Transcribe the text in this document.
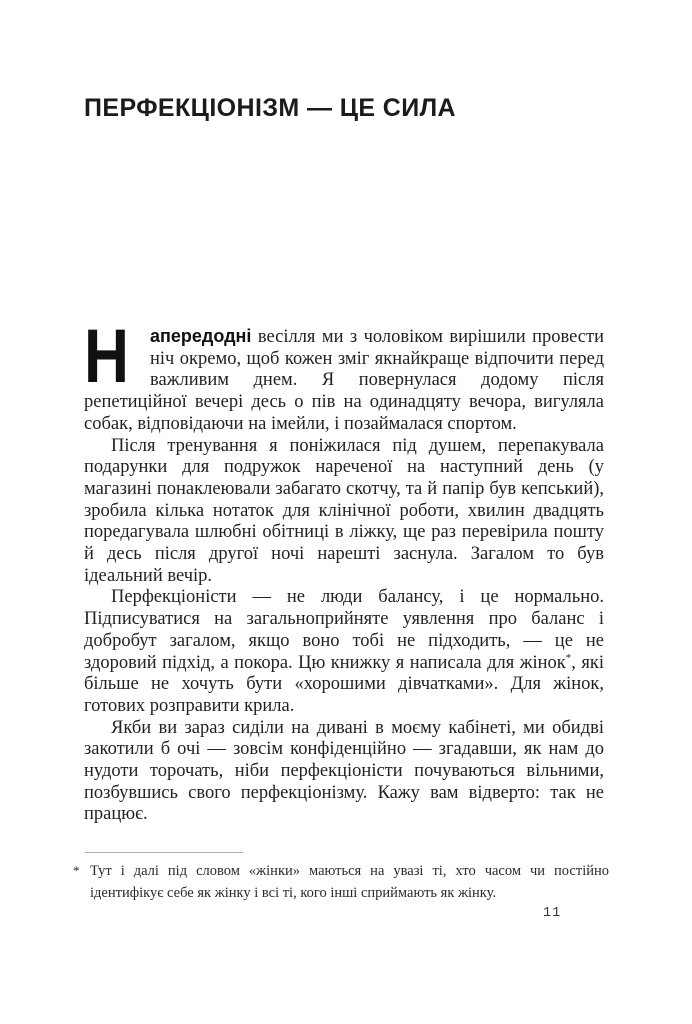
ПЕРФЕКЦІОНІЗМ — ЦЕ СИЛА

Н апередодні весілля ми з чоловіком вирішили провести ніч окремо, щоб кожен зміг якнайкраще відпочити перед важливим днем. Я повернулася додому після репетиційної вечері десь о пів на одинадцяту вечора, вигуляла собак, відповідаючи на імейли, і позаймалася спортом.

Після тренування я поніжилася під душем, перепакувала подарунки для подружок нареченої на наступний день (у магазині понаклеювали забагато скотчу, та й папір був кепський), зробила кілька нотаток для клінічної роботи, хвилин двадцять поредагувала шлюбні обітниці в ліжку, ще раз перевірила пошту й десь після другої ночі нарешті заснула. Загалом то був ідеальний вечір.

Перфекціоністи — не люди балансу, і це нормально. Підписуватися на загальноприйняте уявлення про баланс і добробут загалом, якщо воно тобі не підходить, — це не здоровий підхід, а покора. Цю книжку я написала для жінок*, які більше не хочуть бути «хорошими дівчатками». Для жінок, готових розправити крила.

Якби ви зараз сиділи на дивані в моєму кабінеті, ми обидві закотили б очі — зовсім конфіденційно — згадавши, як нам до нудоти торочать, ніби перфекціоністи почуваються вільними, позбувшись свого перфекціонізму. Кажу вам відверто: так не працює.

* Тут і далі під словом «жінки» маються на увазі ті, хто часом чи постійно ідентифікує себе як жінку і всі ті, кого інші сприймають як жінку.
11
